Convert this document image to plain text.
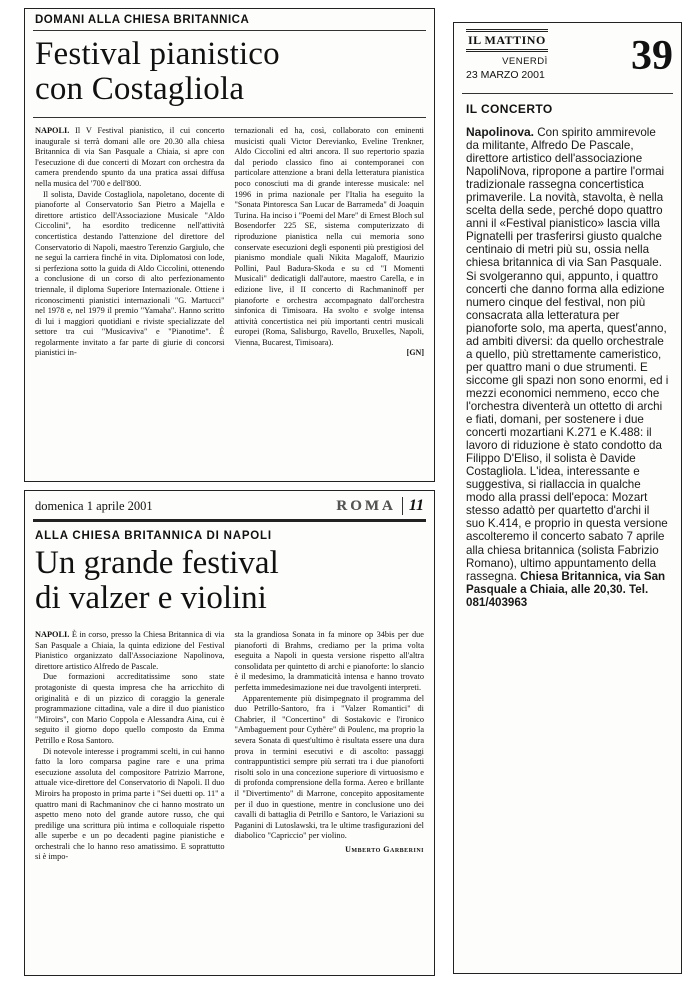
DOMANI ALLA CHIESA BRITANNICA
Festival pianistico
con Costagliola

NAPOLI. Il V Festival pianistico, il cui concerto inaugurale si terrà domani alle ore 20.30 alla chiesa Britannica di via San Pasquale a Chiaia, si apre con l'esecuzione di due concerti di Mozart con orchestra da camera prendendo spunto da una pratica assai diffusa nella musica del '700 e dell'800.

Il solista, Davide Costagliola, napoletano, docente di pianoforte al Conservatorio San Pietro a Majella e direttore artistico dell'Associazione Musicale "Aldo Ciccolini", ha esordito tredicenne nell'attività concertistica destando l'attenzione del direttore del Conservatorio di Napoli, maestro Terenzio Gargiulo, che ne seguì la carriera finché in vita. Diplomatosi con lode, si perfeziona sotto la guida di Aldo Ciccolini, ottenendo a conclusione di un corso di alto perfezionamento triennale, il diploma Superiore Internazionale. Ottiene i riconoscimenti pianistici internazionali "G. Martucci" nel 1978 e, nel 1979 il premio "Yamaha". Hanno scritto di lui i maggiori quotidiani e riviste specializzate del settore tra cui "Musicaviva" e "Pianotime". È regolarmente invitato a far parte di giurie di concorsi pianistici in-

ternazionali ed ha, così, collaborato con eminenti musicisti quali Victor Derevianko, Eveline Trenkner, Aldo Ciccolini ed altri ancora. Il suo repertorio spazia dal periodo classico fino ai contemporanei con particolare attenzione a brani della letteratura pianistica poco conosciuti ma di grande interesse musicale: nel 1996 in prima nazionale per l'Italia ha eseguito la "Sonata Pintoresca San Lucar de Barrameda" di Joaquin Turina. Ha inciso i "Poemi del Mare" di Ernest Bloch sul Bosendorfer 225 SE, sistema computerizzato di riproduzione pianistica nella cui memoria sono conservate esecuzioni degli esponenti più prestigiosi del pianismo mondiale quali Nikita Magaloff, Maurizio Pollini, Paul Badura-Skoda e su cd "I Momenti Musicali" dedicatigli dall'autore, maestro Carella, e in edizione live, il II concerto di Rachmaninoff per pianoforte e orchestra accompagnato dall'orchestra sinfonica di Timisoara. Ha svolto e svolge intensa attività concertistica nei più importanti centri musicali europei (Roma, Salisburgo, Ravello, Bruxelles, Napoli, Vienna, Bucarest, Timisoara).

[GN]
domenica 1 aprile 2001	ROMA 11
ALLA CHIESA BRITANNICA DI NAPOLI
Un grande festival
di valzer e violini

NAPOLI. È in corso, presso la Chiesa Britannica di via San Pasquale a Chiaia, la quinta edizione del Festival Pianistico organizzato dall'Associazione Napolinova, direttore artistico Alfredo de Pascale.

Due formazioni accreditatissime sono state protagoniste di questa impresa che ha arricchito di originalità e di un pizzico di coraggio la generale programmazione cittadina, vale a dire il duo pianistico "Miroirs", con Mario Coppola e Alessandra Aina, cui è seguito il giorno dopo quello composto da Emma Petrillo e Rosa Santoro.

Di notevole interesse i programmi scelti, in cui hanno fatto la loro comparsa pagine rare e una prima esecuzione assoluta del compositore Patrizio Marrone, attuale vice-direttore del Conservatorio di Napoli. Il duo Miroirs ha proposto in prima parte i "Sei duetti op. 11" a quattro mani di Rachmaninov che ci hanno mostrato un aspetto meno noto del grande autore russo, che qui predilige una scrittura più intima e colloquiale rispetto alle superbe e un po decadenti pagine pianistiche e orchestrali che lo hanno reso amatissimo. E soprattutto si è impo-

sta la grandiosa Sonata in fa minore op 34bis per due pianoforti di Brahms, crediamo per la prima volta eseguita a Napoli in questa versione rispetto all'altra consolidata per quintetto di archi e pianoforte: lo slancio è il medesimo, la drammaticità intensa e hanno trovato perfetta immedesimazione nei due travolgenti interpreti.

Apparentemente più disimpegnato il programma del duo Petrillo-Santoro, fra i "Valzer Romantici" di Chabrier, il "Concertino" di Sostakovic e l'ironico "Ambaguement pour Cythère" di Poulenc, ma proprio la severa Sonata di quest'ultimo è risultata essere una dura prova in termini esecutivi e di ascolto: passaggi contrappuntistici sempre più serrati tra i due pianoforti risolti solo in una concezione superiore di virtuosismo e di profonda comprensione della forma. Aereo e brillante il "Divertimento" di Marrone, concepito appositamente per il duo in questione, mentre in conclusione uno dei cavalli di battaglia di Petrillo e Santoro, le Variazioni su Paganini di Lutoslawski, tra le ultime trasfigurazioni del diabolico "Capriccio" per violino.

Umberto Garberini
IL MATTINO
VENERDÌ
23 MARZO 2001 39
IL CONCERTO
Napolinova. Con spirito ammirevole da militante, Alfredo De Pascale, direttore artistico dell'associazione NapoliNova, ripropone a partire l'ormai tradizionale rassegna concertistica primaverile. La novità, stavolta, è nella scelta della sede, perché dopo quattro anni il «Festival pianistico» lascia villa Pignatelli per trasferirsi giusto qualche centinaio di metri più su, ossia nella chiesa britannica di via San Pasquale. Si svolgeranno qui, appunto, i quattro concerti che danno forma alla edizione numero cinque del festival, non più consacrata alla letteratura per pianoforte solo, ma aperta, quest'anno, ad ambiti diversi: da quello orchestrale a quello, più strettamente cameristico, per quattro mani o due strumenti. E siccome gli spazi non sono enormi, ed i mezzi economici nemmeno, ecco che l'orchestra diventerà un ottetto di archi e fiati, domani, per sostenere i due concerti mozartiani K.271 e K.488: il lavoro di riduzione è stato condotto da Filippo D'Eliso, il solista è Davide Costagliola. L'idea, interessante e suggestiva, si riallaccia in qualche modo alla prassi dell'epoca: Mozart stesso adattò per quartetto d'archi il suo K.414, e proprio in questa versione ascolteremo il concerto sabato 7 aprile alla chiesa britannica (solista Fabrizio Romano), ultimo appuntamento della rassegna. Chiesa Britannica, via San Pasquale a Chiaia, alle 20,30. Tel. 081/403963
